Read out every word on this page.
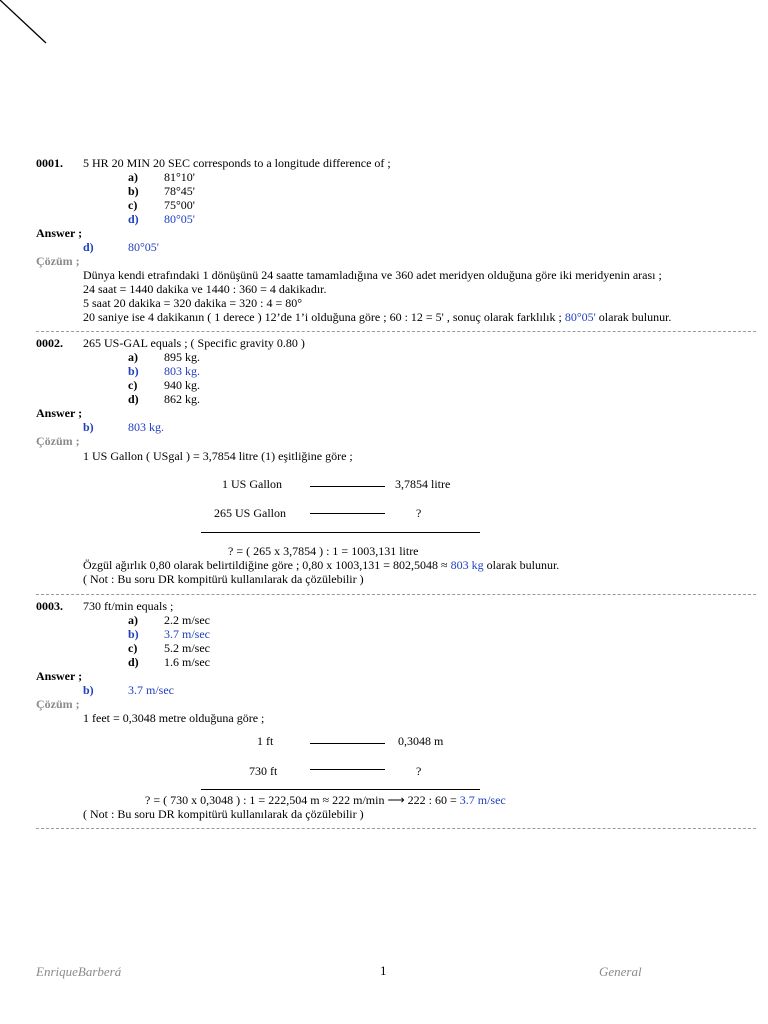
0001. 5 HR 20 MIN 20 SEC corresponds to a longitude difference of ;
a) 81°10'
b) 78°45'
c) 75°00'
d) 80°05'
Answer ;
d)	80°05'
Çözüm ;
Dünya kendi etrafındaki 1 dönüşünü 24 saatte tamamladığına ve 360 adet meridyen olduğuna göre iki meridyenin arası ;
24 saat = 1440 dakika ve 1440 : 360 = 4 dakikadır.
5 saat 20 dakika = 320 dakika = 320 : 4 = 80°
20 saniye ise 4 dakikanın ( 1 derece ) 12’de 1’i olduğuna göre ; 60 : 12 = 5' , sonuç olarak farklılık ; 80°05' olarak bulunur.
0002. 265 US-GAL equals ; ( Specific gravity 0.80 )
a) 895 kg.
b) 803 kg.
c) 940 kg.
d) 862 kg.
Answer ;
b)	803 kg.
Çözüm ;
1 US Gallon ( USgal ) = 3,7854 litre (1) eşitliğine göre ;
1 US Gallon	3,7854 litre
265 US Gallon	?
? = ( 265 x 3,7854 ) : 1 = 1003,131 litre
Özgül ağırlık 0,80 olarak belirtildiğine göre ; 0,80 x 1003,131 = 802,5048 ≈ 803 kg olarak bulunur.
( Not : Bu soru DR kompitürü kullanılarak da çözülebilir )
0003. 730 ft/min equals ;
a) 2.2 m/sec
b) 3.7 m/sec
c) 5.2 m/sec
d) 1.6 m/sec
Answer ;
b)	3.7 m/sec
Çözüm ;
1 feet = 0,3048 metre olduğuna göre ;
1 ft	0,3048 m
730 ft	?
? = ( 730 x 0,3048 ) : 1 = 222,504 m ≈ 222 m/min ⟶ 222 : 60 = 3.7 m/sec
( Not : Bu soru DR kompitürü kullanılarak da çözülebilir )
EnriqueBarberá	1	General
